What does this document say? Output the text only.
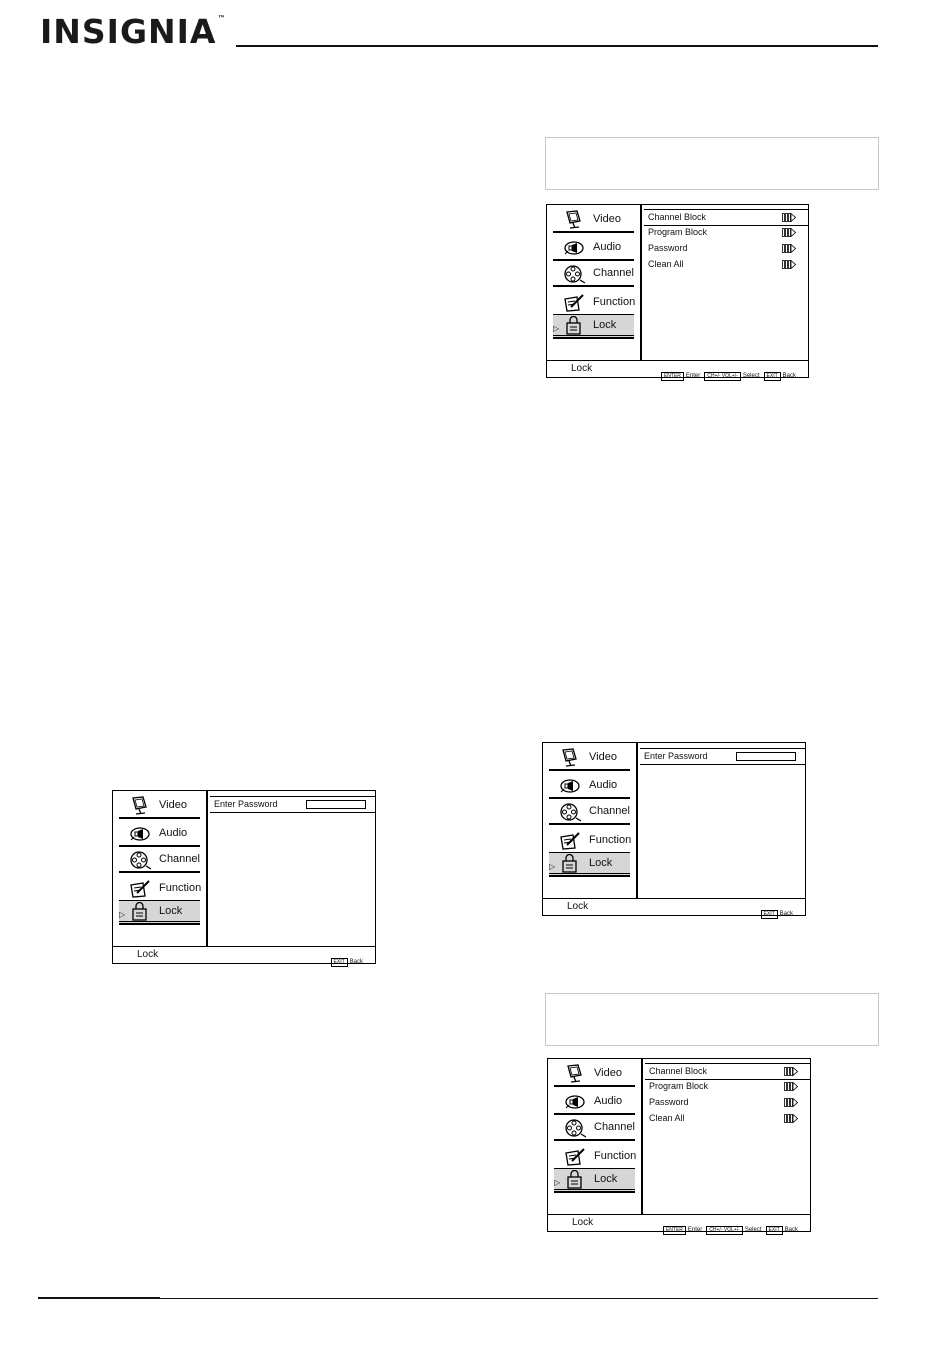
INSIGNIA™
Video
Audio
Channel
Function
▷	Lock
Channel Block
Program Block
Password
Clean All
Lock
ENTER Enter CH+/- VOL+/- Select EXIT Back
Video
Audio
Channel
Function
▷	Lock
Enter Password
Lock
EXIT Back
Video
Audio
Channel
Function
▷	Lock
Enter Password
Lock
EXIT Back
Video
Audio
Channel
Function
▷	Lock
Channel Block
Program Block
Password
Clean All
Lock
ENTER Enter CH+/- VOL+/- Select EXIT Back
